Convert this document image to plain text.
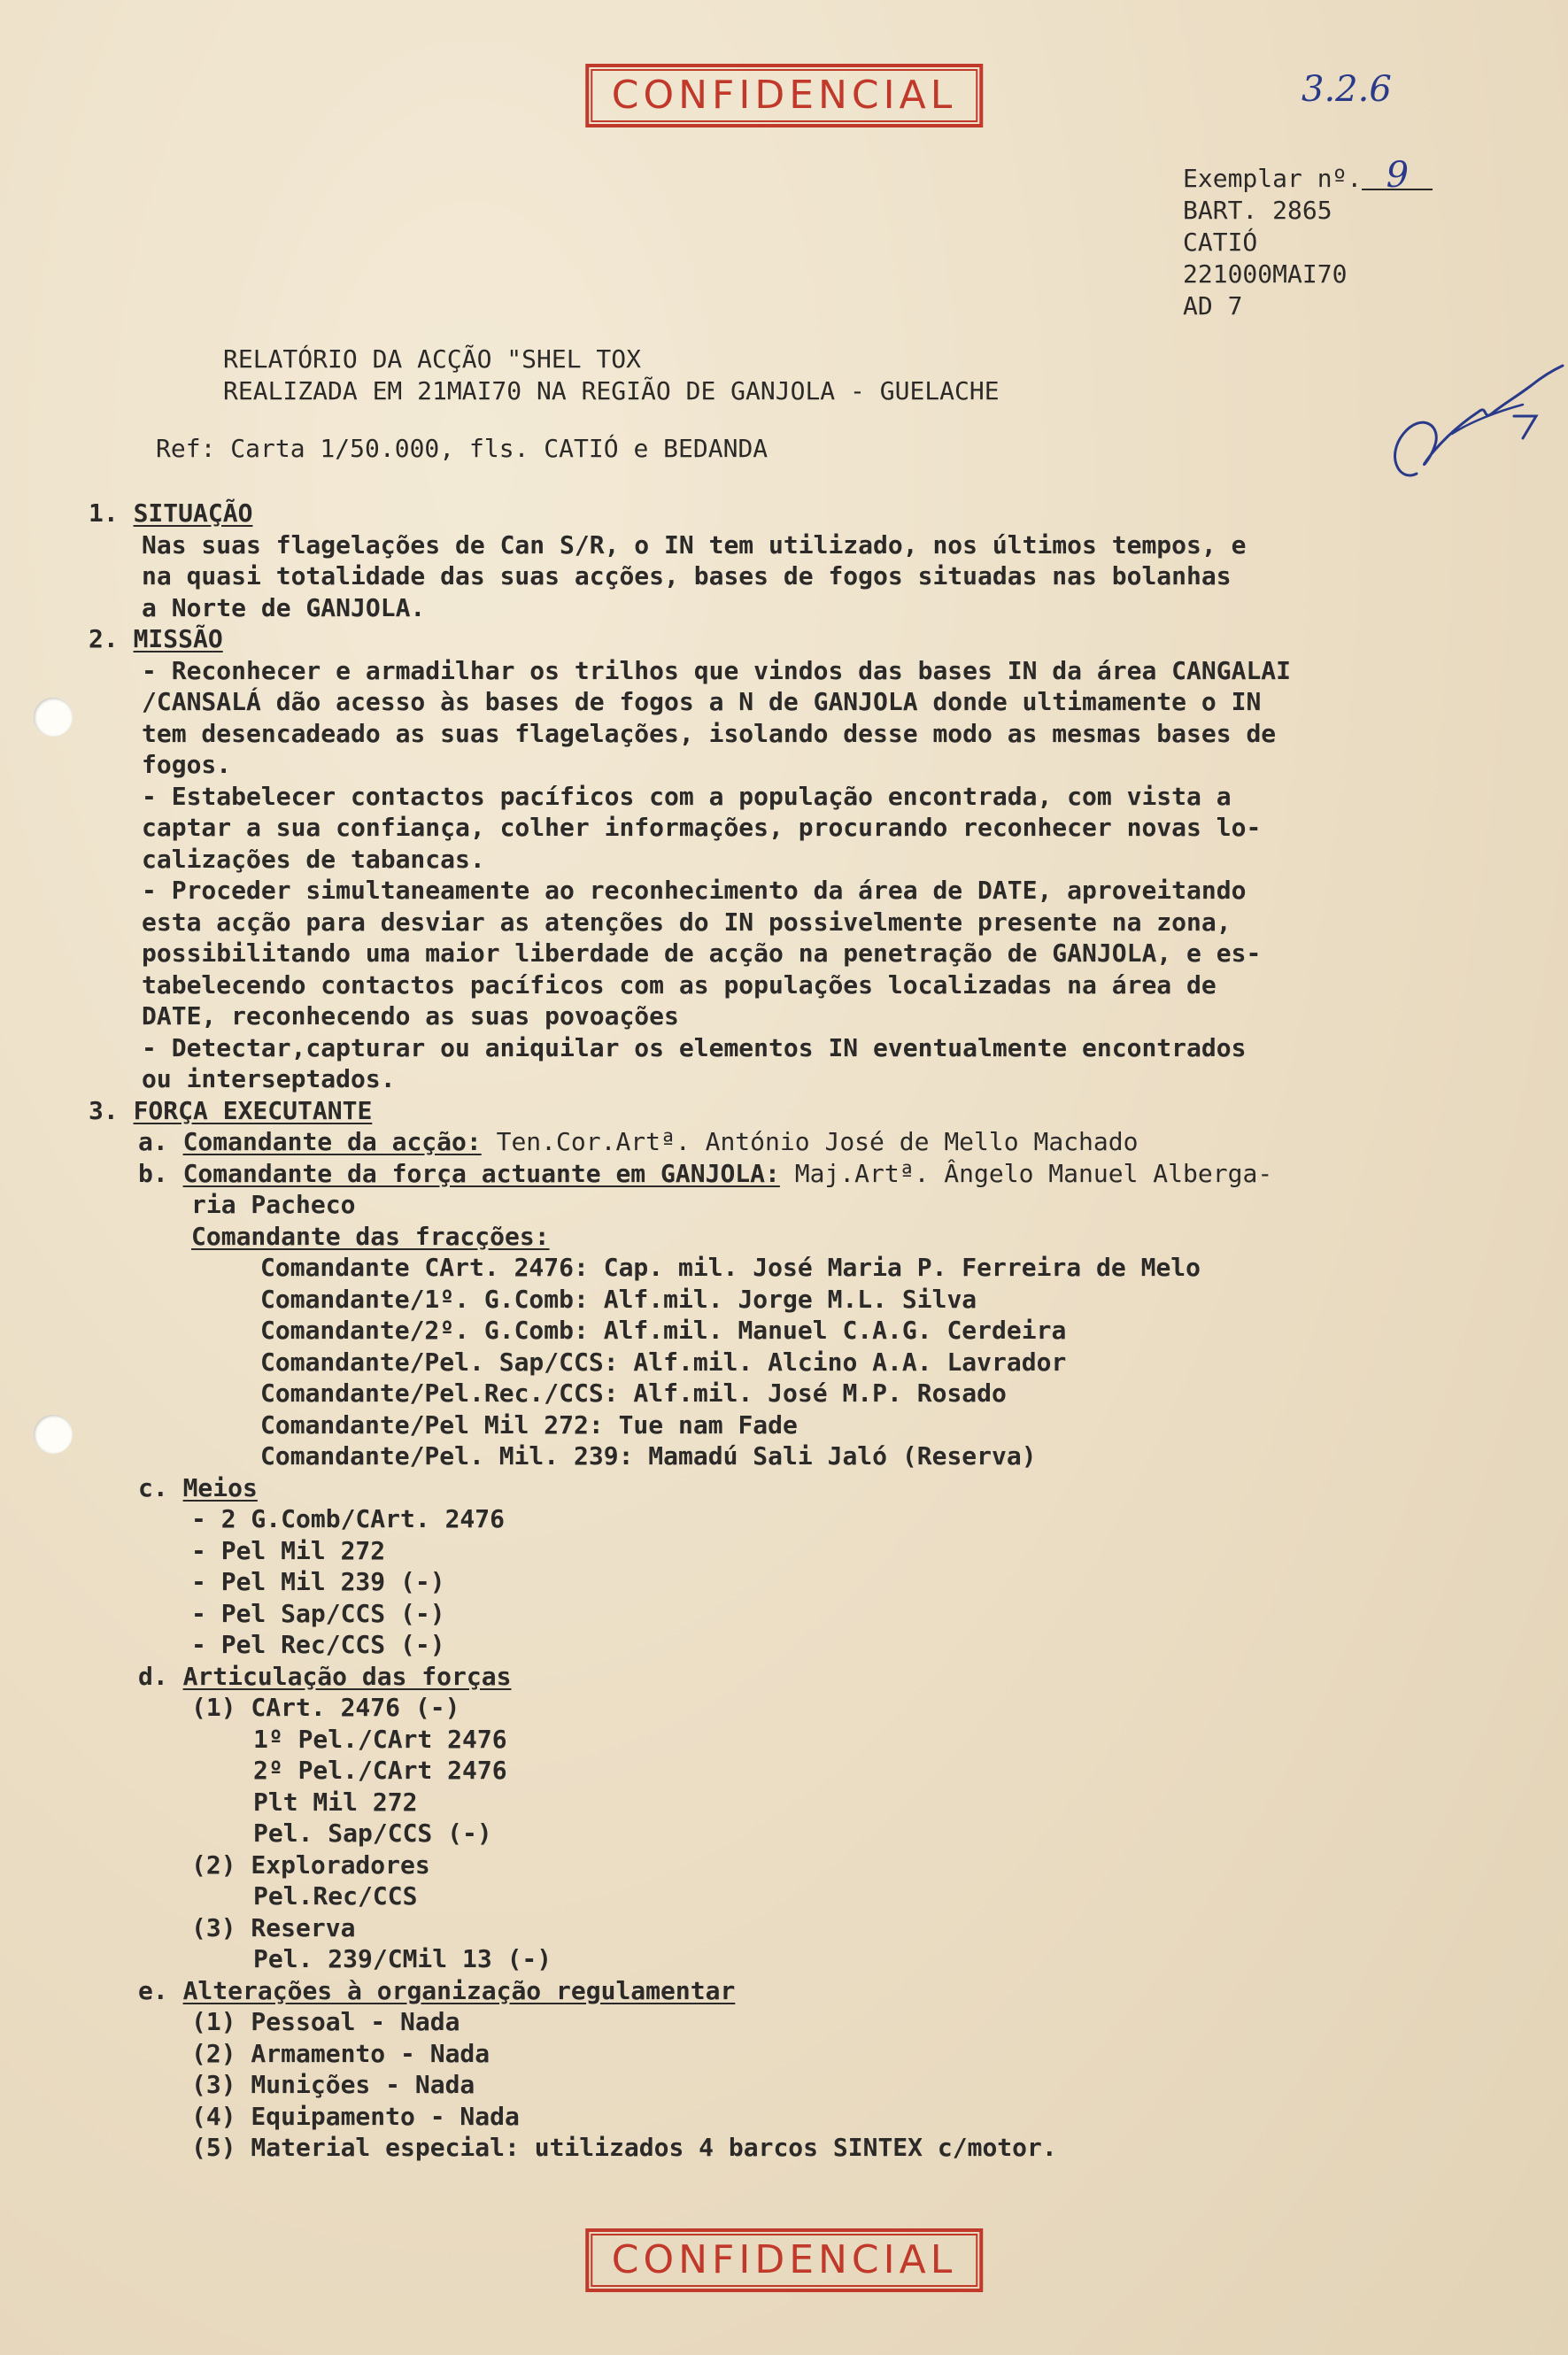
CONFIDENCIAL	3.2.6
Exemplar nº. 9
BART. 2865
CATIÓ
221000MAI70
AD 7
RELATÓRIO DA ACÇÃO "SHEL TOX
REALIZADA EM 21MAI70 NA REGIÃO DE GANJOLA - GUELACHE
Ref: Carta 1/50.000, fls. CATIÓ e BEDANDA
1. SITUAÇÃO
Nas suas flagelações de Can S/R, o IN tem utilizado, nos últimos tempos, e
na quasi totalidade das suas acções, bases de fogos situadas nas bolanhas
a Norte de GANJOLA.
2. MISSÃO
- Reconhecer e armadilhar os trilhos que vindos das bases IN da área CANGALAI
/CANSALÁ dão acesso às bases de fogos a N de GANJOLA donde ultimamente o IN
tem desencadeado as suas flagelações, isolando desse modo as mesmas bases de
fogos.
- Estabelecer contactos pacíficos com a população encontrada, com vista a
captar a sua confiança, colher informações, procurando reconhecer novas lo-
calizações de tabancas.
- Proceder simultaneamente ao reconhecimento da área de DATE, aproveitando
esta acção para desviar as atenções do IN possivelmente presente na zona,
possibilitando uma maior liberdade de acção na penetração de GANJOLA, e es-
tabelecendo contactos pacíficos com as populações localizadas na área de
DATE, reconhecendo as suas povoações
- Detectar,capturar ou aniquilar os elementos IN eventualmente encontrados
ou interseptados.
3. FORÇA EXECUTANTE
a. Comandante da acção: Ten.Cor.Artª. António José de Mello Machado
b. Comandante da força actuante em GANJOLA: Maj.Artª. Ângelo Manuel Alberga-
ria Pacheco
Comandante das fracções:
Comandante CArt. 2476: Cap. mil. José Maria P. Ferreira de Melo
Comandante/1º. G.Comb: Alf.mil. Jorge M.L. Silva
Comandante/2º. G.Comb: Alf.mil. Manuel C.A.G. Cerdeira
Comandante/Pel. Sap/CCS: Alf.mil. Alcino A.A. Lavrador
Comandante/Pel.Rec./CCS: Alf.mil. José M.P. Rosado
Comandante/Pel Mil 272: Tue nam Fade
Comandante/Pel. Mil. 239: Mamadú Sali Jaló (Reserva)
c. Meios
- 2 G.Comb/CArt. 2476
- Pel Mil 272
- Pel Mil 239 (-)
- Pel Sap/CCS (-)
- Pel Rec/CCS (-)
d. Articulação das forças
(1) CArt. 2476 (-)
1º Pel./CArt 2476
2º Pel./CArt 2476
Plt Mil 272
Pel. Sap/CCS (-)
(2) Exploradores
Pel.Rec/CCS
(3) Reserva
Pel. 239/CMil 13 (-)
e. Alterações à organização regulamentar
(1) Pessoal - Nada
(2) Armamento - Nada
(3) Munições - Nada
(4) Equipamento - Nada
(5) Material especial: utilizados 4 barcos SINTEX c/motor.
CONFIDENCIAL
